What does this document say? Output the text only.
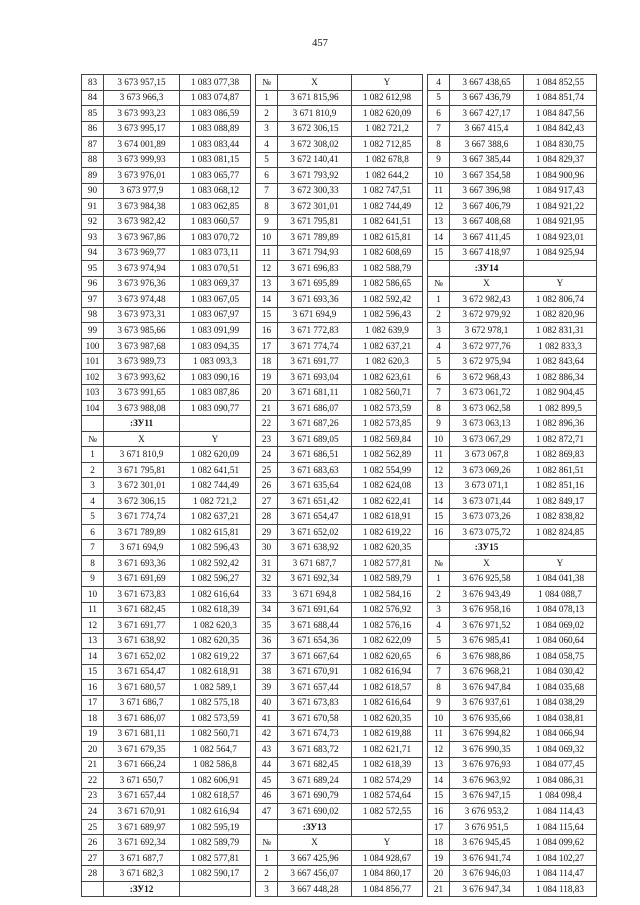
457
83	3 673 957,15	1 083 077,38
84	3 673 966,3	1 083 074,87
85	3 673 993,23	1 083 086,59
86	3 673 995,17	1 083 088,89
87	3 674 001,89	1 083 083,44
88	3 673 999,93	1 083 081,15
89	3 673 976,01	1 083 065,77
90	3 673 977,9	1 083 068,12
91	3 673 984,38	1 083 062,85
92	3 673 982,42	1 083 060,57
93	3 673 967,86	1 083 070,72
94	3 673 969,77	1 083 073,11
95	3 673 974,94	1 083 070,51
96	3 673 976,36	1 083 069,37
97	3 673 974,48	1 083 067,05
98	3 673 973,31	1 083 067,97
99	3 673 985,66	1 083 091,99
100	3 673 987,68	1 083 094,35
101	3 673 989,73	1 083 093,3
102	3 673 993,62	1 083 090,16
103	3 673 991,65	1 083 087,86
104	3 673 988,08	1 083 090,77
	:ЗУ11	
№	X	Y
1	3 671 810,9	1 082 620,09
2	3 671 795,81	1 082 641,51
3	3 672 301,01	1 082 744,49
4	3 672 306,15	1 082 721,2
5	3 671 774,74	1 082 637,21
6	3 671 789,89	1 082 615,81
7	3 671 694,9	1 082 596,43
8	3 671 693,36	1 082 592,42
9	3 671 691,69	1 082 596,27
10	3 671 673,83	1 082 616,64
11	3 671 682,45	1 082 618,39
12	3 671 691,77	1 082 620,3
13	3 671 638,92	1 082 620,35
14	3 671 652,02	1 082 619,22
15	3 671 654,47	1 082 618,91
16	3 671 680,57	1 082 589,1
17	3 671 686,7	1 082 575,18
18	3 671 686,07	1 082 573,59
19	3 671 681,11	1 082 560,71
20	3 671 679,35	1 082 564,7
21	3 671 666,24	1 082 586,8
22	3 671 650,7	1 082 606,91
23	3 671 657,44	1 082 618,57
24	3 671 670,91	1 082 616,94
25	3 671 689,97	1 082 595,19
26	3 671 692,34	1 082 589,79
27	3 671 687,7	1 082 577,81
28	3 671 682,3	1 082 590,17
	:ЗУ12	
№	X	Y
1	3 671 815,96	1 082 612,98
2	3 671 810,9	1 082 620,09
3	3 672 306,15	1 082 721,2
4	3 672 308,02	1 082 712,85
5	3 672 140,41	1 082 678,8
6	3 671 793,92	1 082 644,2
7	3 672 300,33	1 082 747,51
8	3 672 301,01	1 082 744,49
9	3 671 795,81	1 082 641,51
10	3 671 789,89	1 082 615,81
11	3 671 794,93	1 082 608,69
12	3 671 696,83	1 082 588,79
13	3 671 695,89	1 082 586,65
14	3 671 693,36	1 082 592,42
15	3 671 694,9	1 082 596,43
16	3 671 772,83	1 082 639,9
17	3 671 774,74	1 082 637,21
18	3 671 691,77	1 082 620,3
19	3 671 693,04	1 082 623,61
20	3 671 681,11	1 082 560,71
21	3 671 686,07	1 082 573,59
22	3 671 687,26	1 082 573,85
23	3 671 689,05	1 082 569,84
24	3 671 686,51	1 082 562,89
25	3 671 683,63	1 082 554,99
26	3 671 635,64	1 082 624,08
27	3 671 651,42	1 082 622,41
28	3 671 654,47	1 082 618,91
29	3 671 652,02	1 082 619,22
30	3 671 638,92	1 082 620,35
31	3 671 687,7	1 082 577,81
32	3 671 692,34	1 082 589,79
33	3 671 694,8	1 082 584,16
34	3 671 691,64	1 082 576,92
35	3 671 688,44	1 082 576,16
36	3 671 654,36	1 082 622,09
37	3 671 667,64	1 082 620,65
38	3 671 670,91	1 082 616,94
39	3 671 657,44	1 082 618,57
40	3 671 673,83	1 082 616,64
41	3 671 670,58	1 082 620,35
42	3 671 674,73	1 082 619,88
43	3 671 683,72	1 082 621,71
44	3 671 682,45	1 082 618,39
45	3 671 689,24	1 082 574,29
46	3 671 690,79	1 082 574,64
47	3 671 690,02	1 082 572,55
	:ЗУ13	
№	X	Y
1	3 667 425,96	1 084 928,67
2	3 667 456,07	1 084 860,17
3	3 667 448,28	1 084 856,77
4	3 667 438,65	1 084 852,55
5	3 667 436,79	1 084 851,74
6	3 667 427,17	1 084 847,56
7	3 667 415,4	1 084 842,43
8	3 667 388,6	1 084 830,75
9	3 667 385,44	1 084 829,37
10	3 667 354,58	1 084 900,96
11	3 667 396,98	1 084 917,43
12	3 667 406,79	1 084 921,22
13	3 667 408,68	1 084 921,95
14	3 667 411,45	1 084 923,01
15	3 667 418,97	1 084 925,94
	:ЗУ14	
№	X	Y
1	3 672 982,43	1 082 806,74
2	3 672 979,92	1 082 820,96
3	3 672 978,1	1 082 831,31
4	3 672 977,76	1 082 833,3
5	3 672 975,94	1 082 843,64
6	3 672 968,43	1 082 886,34
7	3 673 061,72	1 082 904,45
8	3 673 062,58	1 082 899,5
9	3 673 063,13	1 082 896,36
10	3 673 067,29	1 082 872,71
11	3 673 067,8	1 082 869,83
12	3 673 069,26	1 082 861,51
13	3 673 071,1	1 082 851,16
14	3 673 071,44	1 082 849,17
15	3 673 073,26	1 082 838,82
16	3 673 075,72	1 082 824,85
	:ЗУ15	
№	X	Y
1	3 676 925,58	1 084 041,38
2	3 676 943,49	1 084 088,7
3	3 676 958,16	1 084 078,13
4	3 676 971,52	1 084 069,02
5	3 676 985,41	1 084 060,64
6	3 676 988,86	1 084 058,75
7	3 676 968,21	1 084 030,42
8	3 676 947,84	1 084 035,68
9	3 676 937,61	1 084 038,29
10	3 676 935,66	1 084 038,81
11	3 676 994,82	1 084 066,94
12	3 676 990,35	1 084 069,32
13	3 676 976,93	1 084 077,45
14	3 676 963,92	1 084 086,31
15	3 676 947,15	1 084 098,4
16	3 676 953,2	1 084 114,43
17	3 676 951,5	1 084 115,64
18	3 676 945,45	1 084 099,62
19	3 676 941,74	1 084 102,27
20	3 676 946,03	1 084 114,47
21	3 676 947,34	1 084 118,83
